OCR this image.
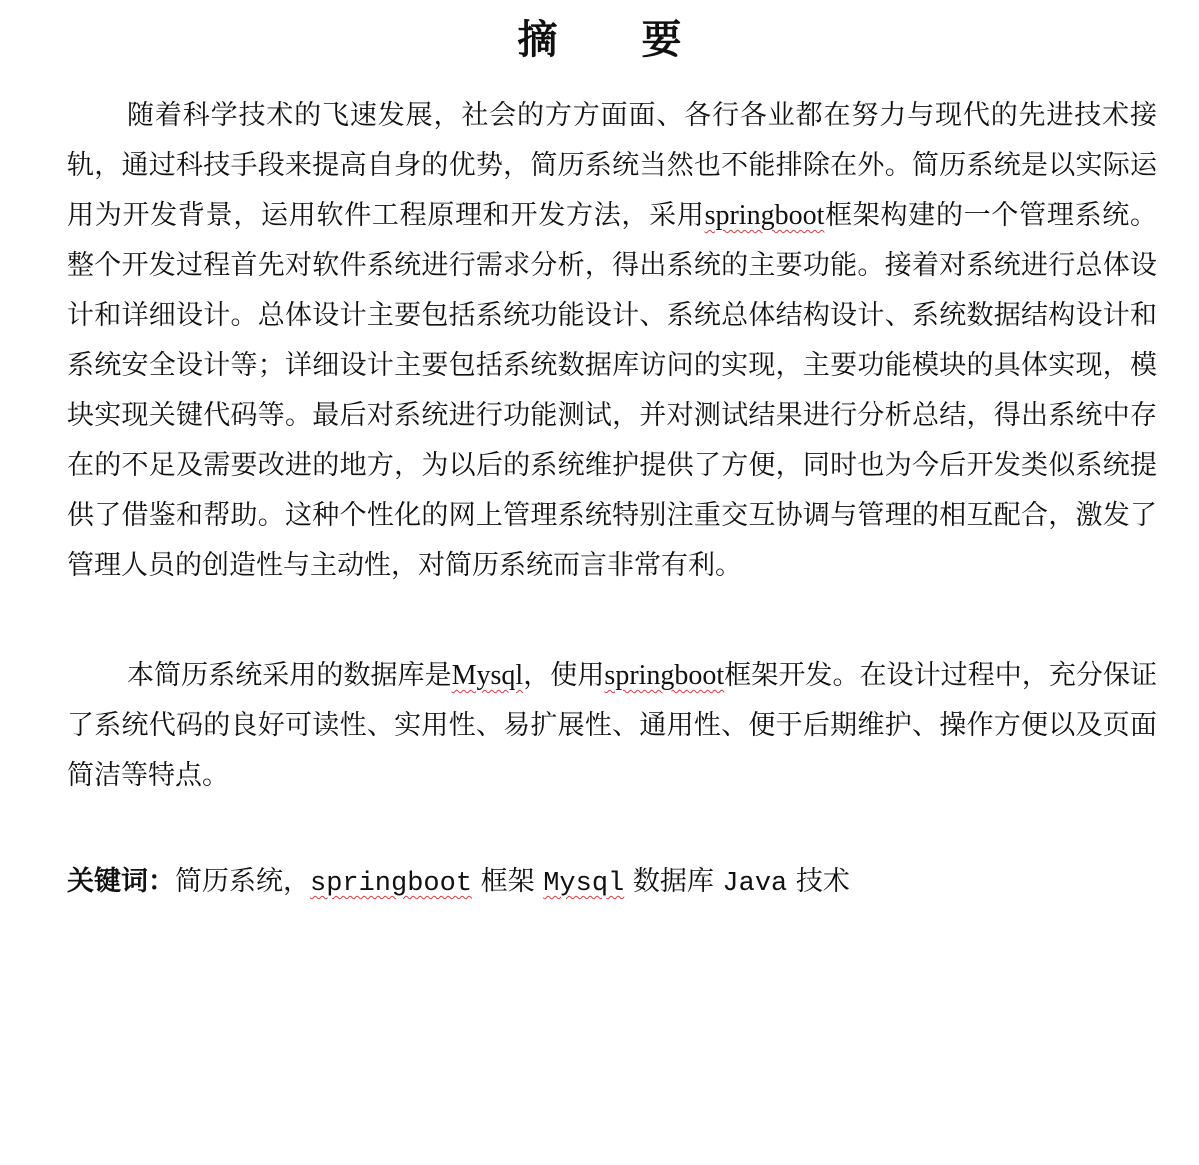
摘　要

随着科学技术的飞速发展，社会的方方面面、各行各业都在努力与现代的先进技术接轨，通过科技手段来提高自身的优势，简历系统当然也不能排除在外。简历系统是以实际运用为开发背景，运用软件工程原理和开发方法，采用springboot框架构建的一个管理系统。整个开发过程首先对软件系统进行需求分析，得出系统的主要功能。接着对系统进行总体设计和详细设计。总体设计主要包括系统功能设计、系统总体结构设计、系统数据结构设计和系统安全设计等；详细设计主要包括系统数据库访问的实现，主要功能模块的具体实现，模块实现关键代码等。最后对系统进行功能测试，并对测试结果进行分析总结，得出系统中存在的不足及需要改进的地方，为以后的系统维护提供了方便，同时也为今后开发类似系统提供了借鉴和帮助。这种个性化的网上管理系统特别注重交互协调与管理的相互配合，激发了管理人员的创造性与主动性，对简历系统而言非常有利。

本简历系统采用的数据库是Mysql，使用springboot框架开发。在设计过程中，充分保证了系统代码的良好可读性、实用性、易扩展性、通用性、便于后期维护、操作方便以及页面简洁等特点。

关键词：简历系统，springboot 框架 Mysql 数据库 Java 技术
